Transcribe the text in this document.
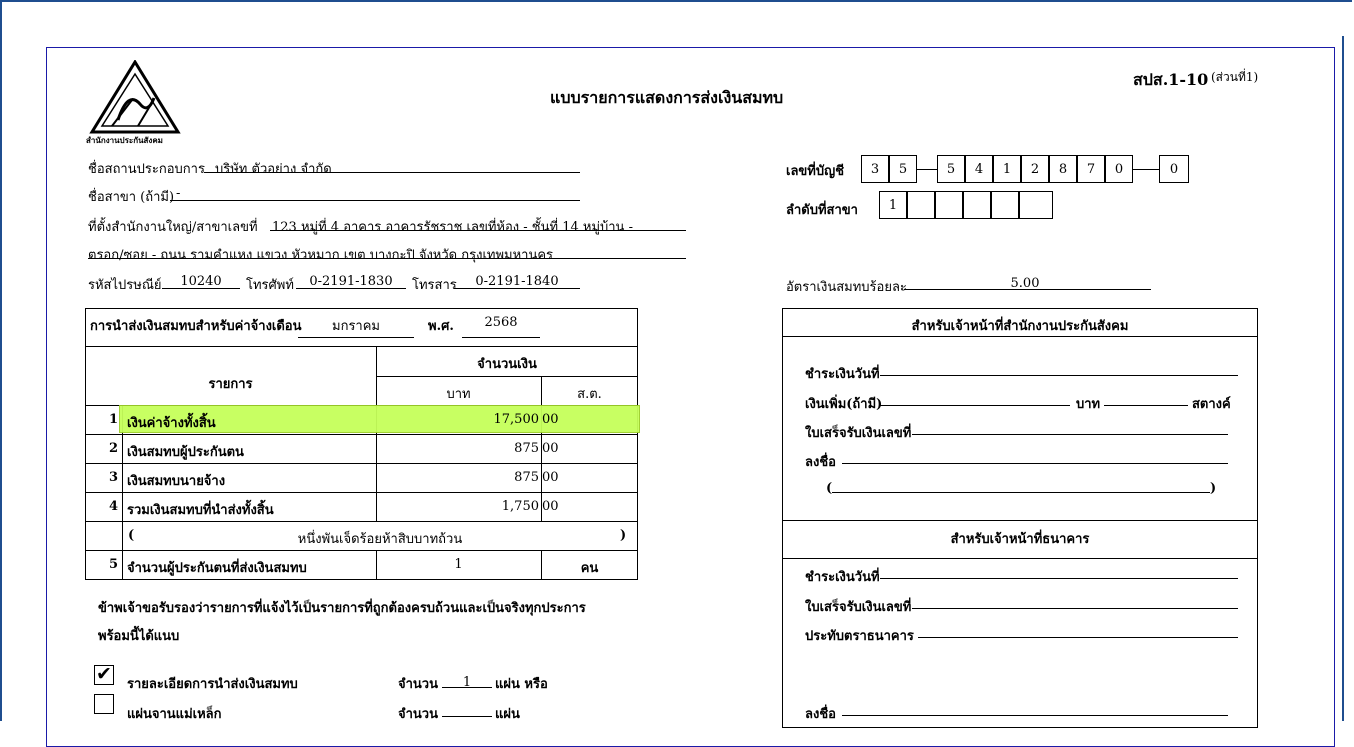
สำนักงานประกันสังคม
แบบรายการแสดงการส่งเงินสมทบ
สปส.1-10 (ส่วนที่1)
ชื่อสถานประกอบการ บริษัท ตัวอย่าง จำกัด
ชื่อสาขา (ถ้ามี) -
ที่ตั้งสำนักงานใหญ่/สาขาเลขที่ 123 หมู่ที่ 4 อาคาร อาคารรัชราช เลขที่ห้อง - ชั้นที่ 14 หมู่บ้าน -
ตรอก/ซอย - ถนน รามคำแหง แขวง หัวหมาก เขต บางกะปิ จังหวัด กรุงเทพมหานคร
รหัสไปรษณีย์	10240	โทรศัพท์	0-2191-1830	โทรสาร	0-2191-1840
เลขที่บัญชี	3	5	5	4	1	2	8	7	0	0
ลำดับที่สาขา	1
อัตราเงินสมทบร้อยละ	5.00
การนำส่งเงินสมทบสำหรับค่าจ้างเดือน	มกราคม	พ.ศ.	2568
รายการ
จำนวนเงิน
บาท	ส.ต.
1 เงินค่าจ้างทั้งสิ้น	17,500 00
2 เงินสมทบผู้ประกันตน	875 00
3 เงินสมทบนายจ้าง	875 00
4 รวมเงินสมทบที่นำส่งทั้งสิ้น	1,750 00
(	หนึ่งพันเจ็ดร้อยห้าสิบบาทถ้วน	)
5 จำนวนผู้ประกันตนที่ส่งเงินสมทบ	1	คน
ข้าพเจ้าขอรับรองว่ารายการที่แจ้งไว้เป็นรายการที่ถูกต้องครบถ้วนและเป็นจริงทุกประการ
พร้อมนี้ได้แนบ
✔ รายละเอียดการนำส่งเงินสมทบ	จำนวน	1	แผ่น หรือ
แผ่นจานแม่เหล็ก	จำนวน	แผ่น
สำหรับเจ้าหน้าที่สำนักงานประกันสังคม
ชำระเงินวันที่
เงินเพิ่ม(ถ้ามี)	บาท	สตางค์
ใบเสร็จรับเงินเลขที่
ลงชื่อ
(	)
สำหรับเจ้าหน้าที่ธนาคาร
ชำระเงินวันที่
ใบเสร็จรับเงินเลขที่
ประทับตราธนาคาร
ลงชื่อ
